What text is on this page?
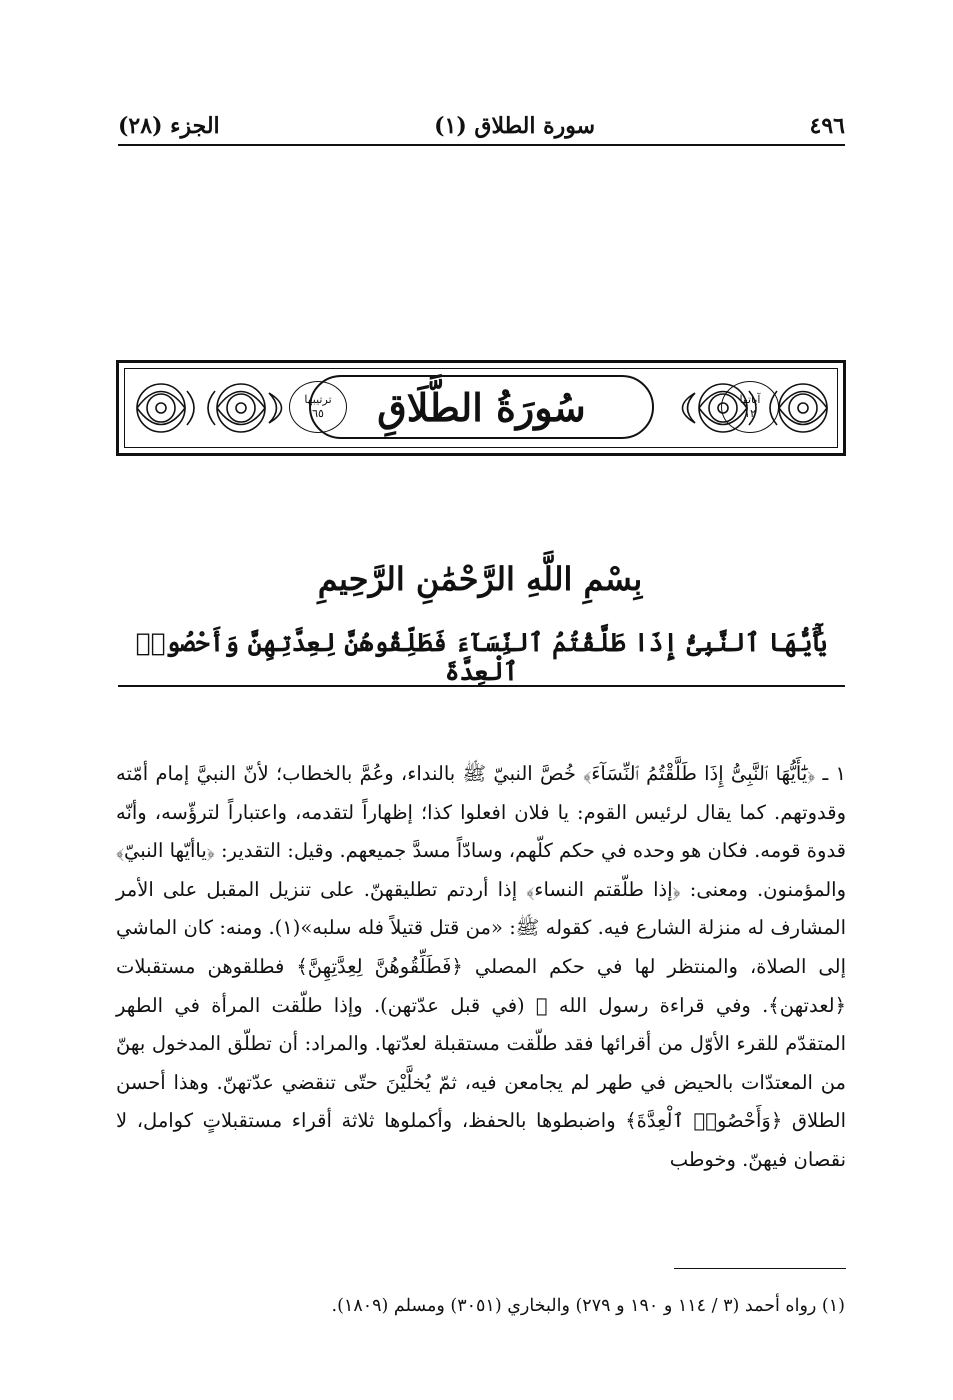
٤٩٦
سورة الطلاق (١)
الجزء (٢٨)
ترتيبها
٦٥ سُورَةُ الطَّلَاقِ	آياتها
١٢
بِسْمِ اللَّهِ الرَّحْمَٰنِ الرَّحِيمِ
يَٰٓأَيُّهَا ٱلنَّبِىُّ إِذَا طَلَّقْتُمُ ٱلنِّسَآءَ فَطَلِّقُوهُنَّ لِعِدَّتِهِنَّ وَأَحْصُوا۟ ٱلْعِدَّةَ
١ ـ ﴿يَٰٓأَيُّهَا ٱلنَّبِىُّ إِذَا طَلَّقْتُمُ ٱلنِّسَآءَ﴾ خُصَّ النبيّ ﷺ بالنداء، وعُمَّ بالخطاب؛ لأنّ النبيَّ إمام أمّته وقدوتهم. كما يقال لرئيس القوم: يا فلان افعلوا كذا؛ إظهاراً لتقدمه، واعتباراً لترؤّسه، وأنّه قدوة قومه. فكان هو وحده في حكم كلّهم، وسادّاً مسدَّ جميعهم. وقيل: التقدير: ﴿ياأيّها النبيّ﴾ والمؤمنون. ومعنى: ﴿إذا طلّقتم النساء﴾ إذا أردتم تطليقهنّ. على تنزيل المقبل على الأمر المشارف له منزلة الشارع فيه. كقوله ﷺ: «من قتل قتيلاً فله سلبه»(١). ومنه: كان الماشي إلى الصلاة، والمنتظر لها في حكم المصلي ﴿فَطَلِّقُوهُنَّ لِعِدَّتِهِنَّ﴾ فطلقوهن مستقبلات ﴿لعدتهن﴾. وفي قراءة رسول الله ﷺ (في قبل عدّتهن). وإذا طلّقت المرأة في الطهر المتقدّم للقرء الأوّل من أقرائها فقد طلّقت مستقبلة لعدّتها. والمراد: أن تطلّق المدخول بهنّ من المعتدّات بالحيض في طهر لم يجامعن فيه، ثمّ يُخلَّيْنَ حتّى تنقضي عدّتهنّ. وهذا أحسن الطلاق ﴿وَأَحْصُوا۟ ٱلْعِدَّةَ﴾ واضبطوها بالحفظ، وأكملوها ثلاثة أقراء مستقبلاتٍ كوامل، لا نقصان فيهنّ. وخوطب
(١) رواه أحمد (٣ / ١١٤ و ١٩٠ و ٢٧٩) والبخاري (٣٠٥١) ومسلم (١٨٠٩).
